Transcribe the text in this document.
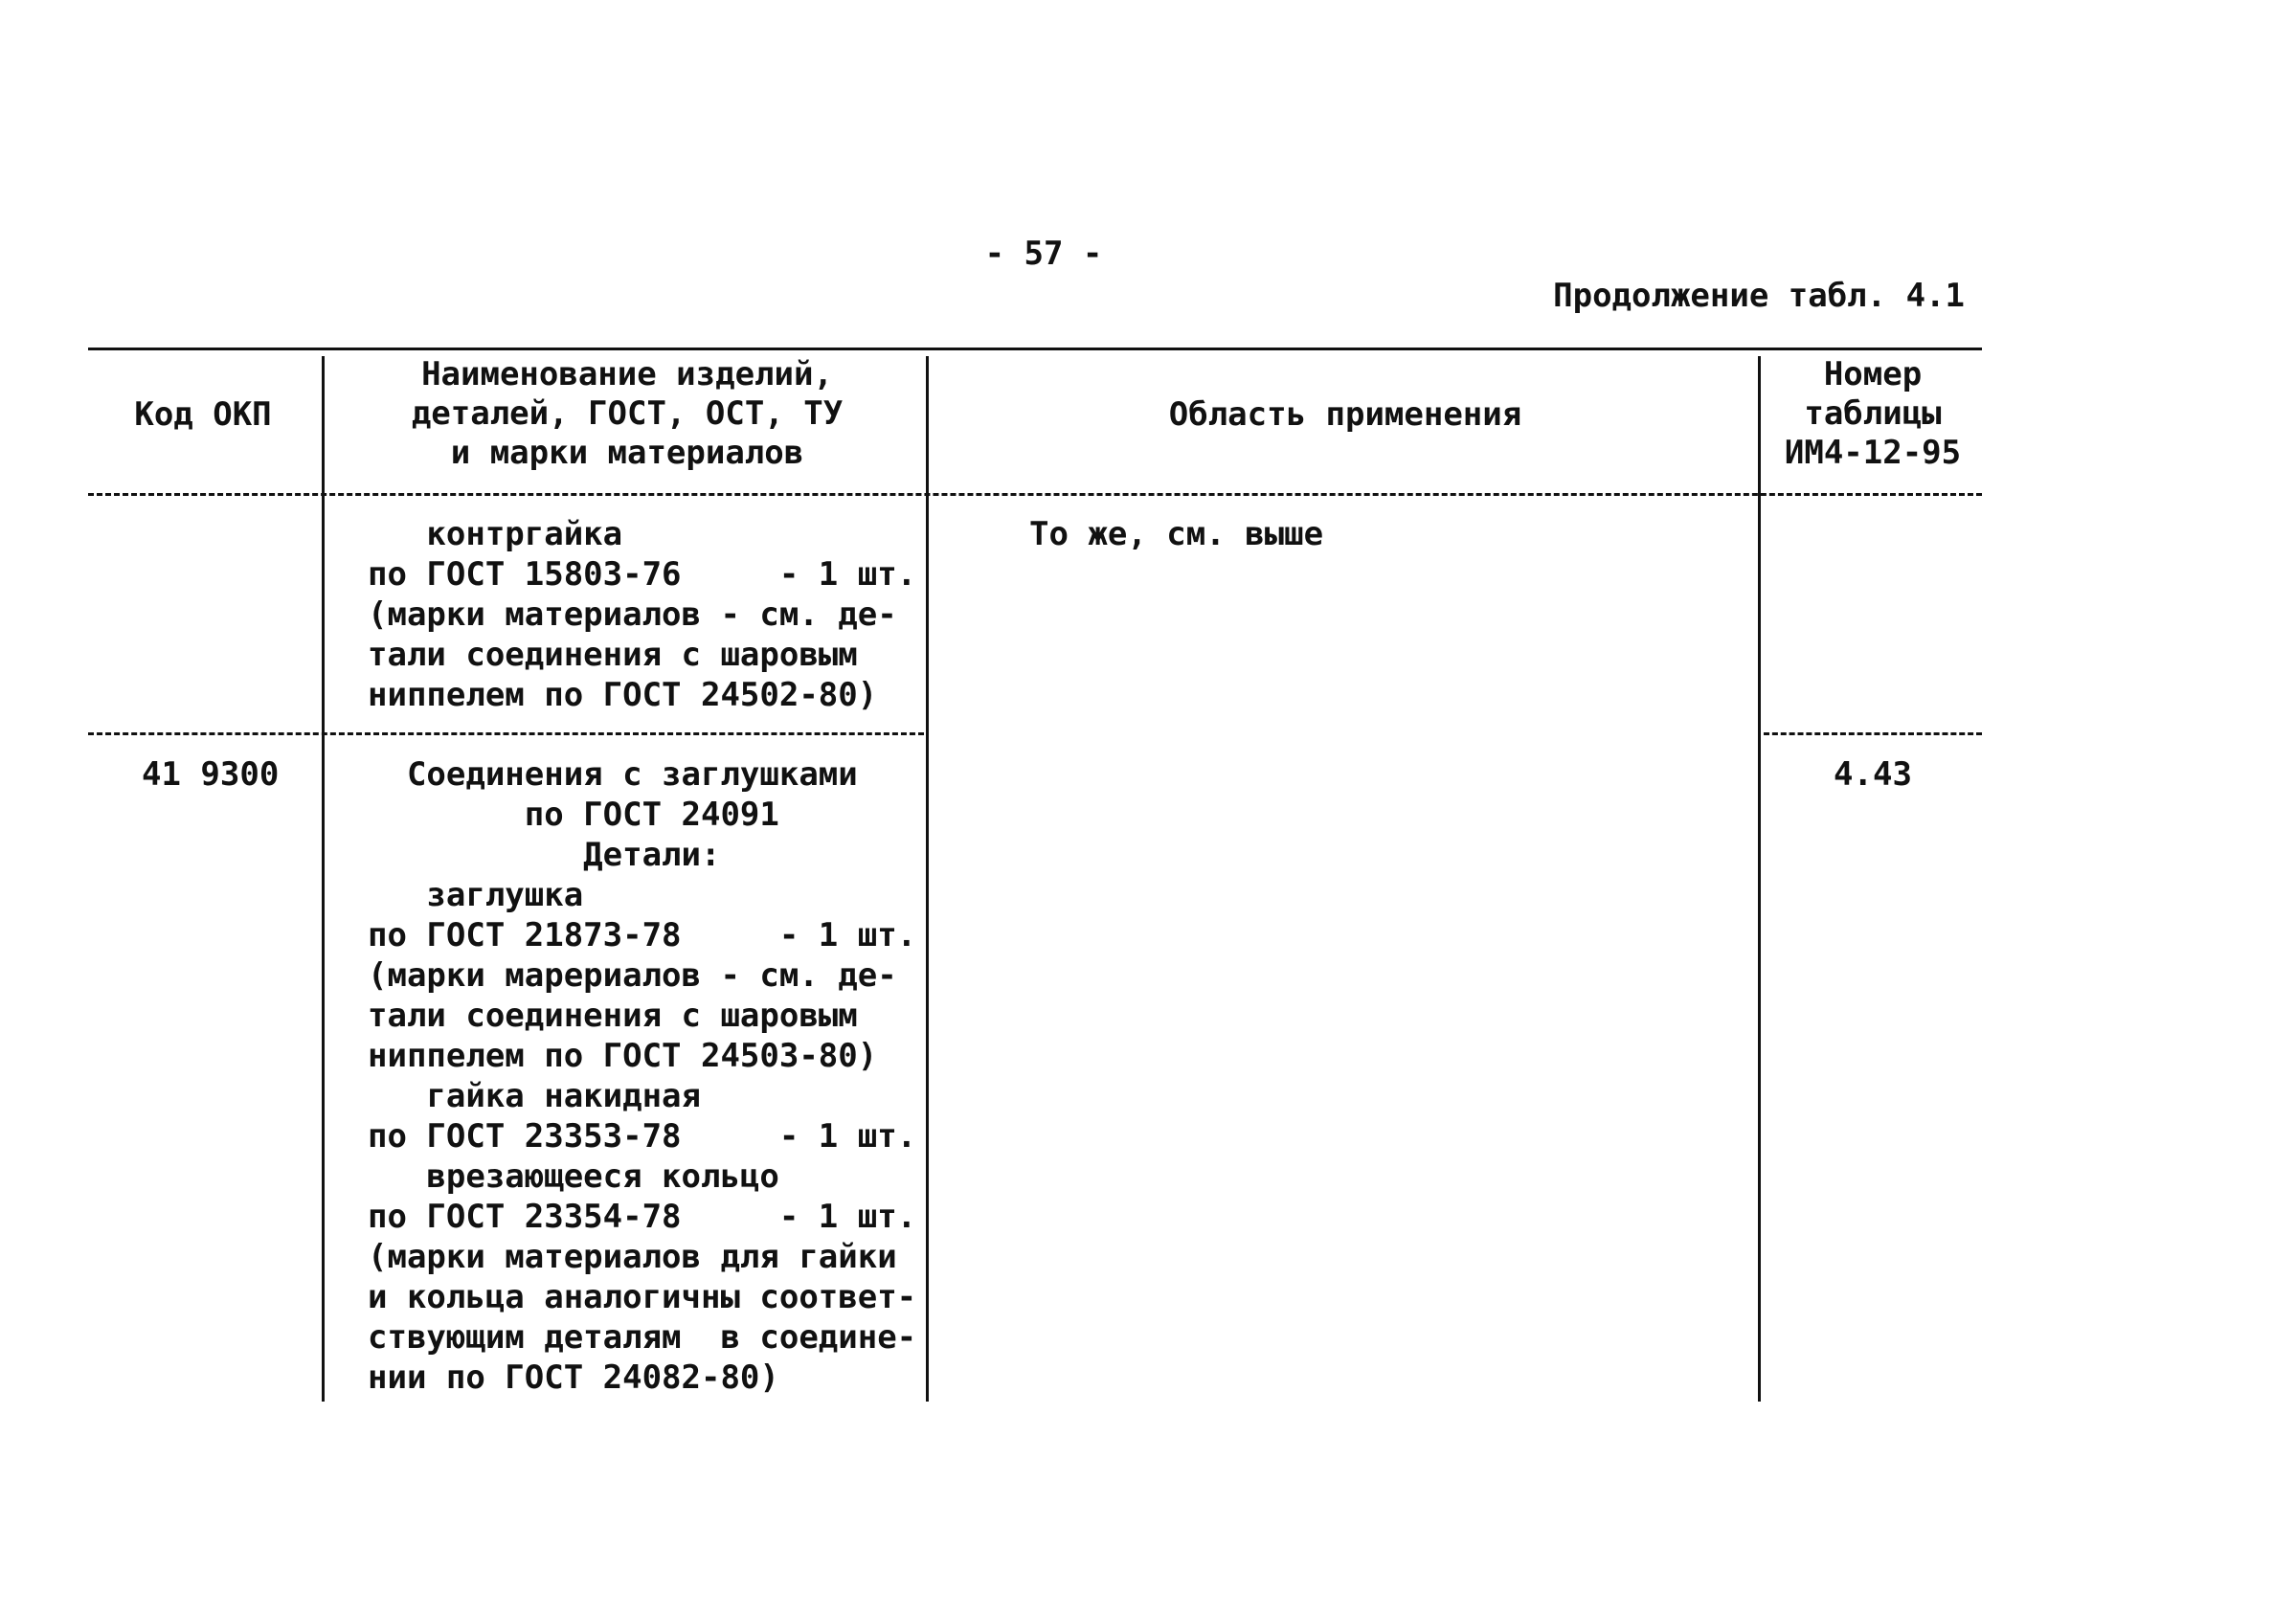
- 57 -
Продолжение табл. 4.1
Код ОКП
Наименование изделий,
деталей, ГОСТ, ОСТ, ТУ
и марки материалов
Область применения
Номер
таблицы
ИМ4-12-95
контргайка
по ГОСТ 15803-76     - 1 шт.
(марки материалов - см. де-
тали соединения с шаровым
ниппелем по ГОСТ 24502-80)
То же, см. выше
41 9300	Соединения с заглушками
по ГОСТ 24091
Детали:
заглушка
по ГОСТ 21873-78     - 1 шт.
(марки марериалов - см. де-
тали соединения с шаровым
ниппелем по ГОСТ 24503-80)
гайка накидная
по ГОСТ 23353-78     - 1 шт.
врезающееся кольцо
по ГОСТ 23354-78     - 1 шт.
(марки материалов для гайки
и кольца аналогичны соответ-
ствующим деталям  в соедине-
нии по ГОСТ 24082-80)
4.43
